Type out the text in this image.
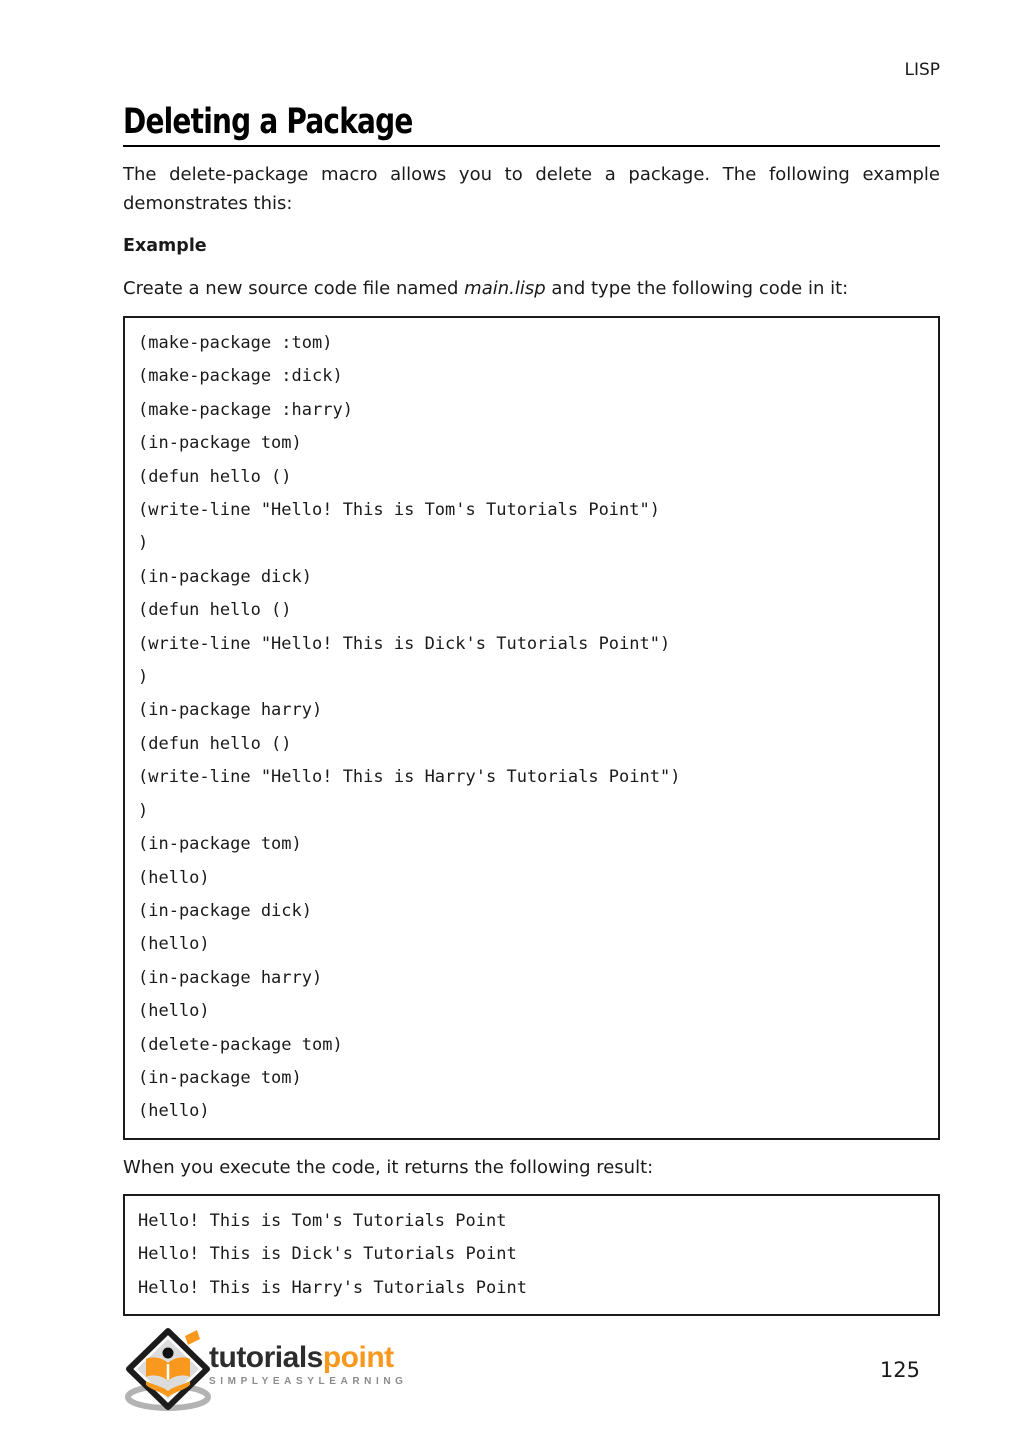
LISP
Deleting a Package

The delete-package macro allows you to delete a package. The following example demonstrates this:

Example

Create a new source code file named main.lisp and type the following code in it:

(make-package :tom)
(make-package :dick)
(make-package :harry)
(in-package tom)
(defun hello ()
(write-line "Hello! This is Tom's Tutorials Point")
)
(in-package dick)
(defun hello ()
(write-line "Hello! This is Dick's Tutorials Point")
)
(in-package harry)
(defun hello ()
(write-line "Hello! This is Harry's Tutorials Point")
)
(in-package tom)
(hello)
(in-package dick)
(hello)
(in-package harry)
(hello)
(delete-package tom)
(in-package tom)
(hello)

When you execute the code, it returns the following result:

Hello! This is Tom's Tutorials Point
Hello! This is Dick's Tutorials Point
Hello! This is Harry's Tutorials Point
tutorialspoint
SIMPLYEASYLEARNING	125
